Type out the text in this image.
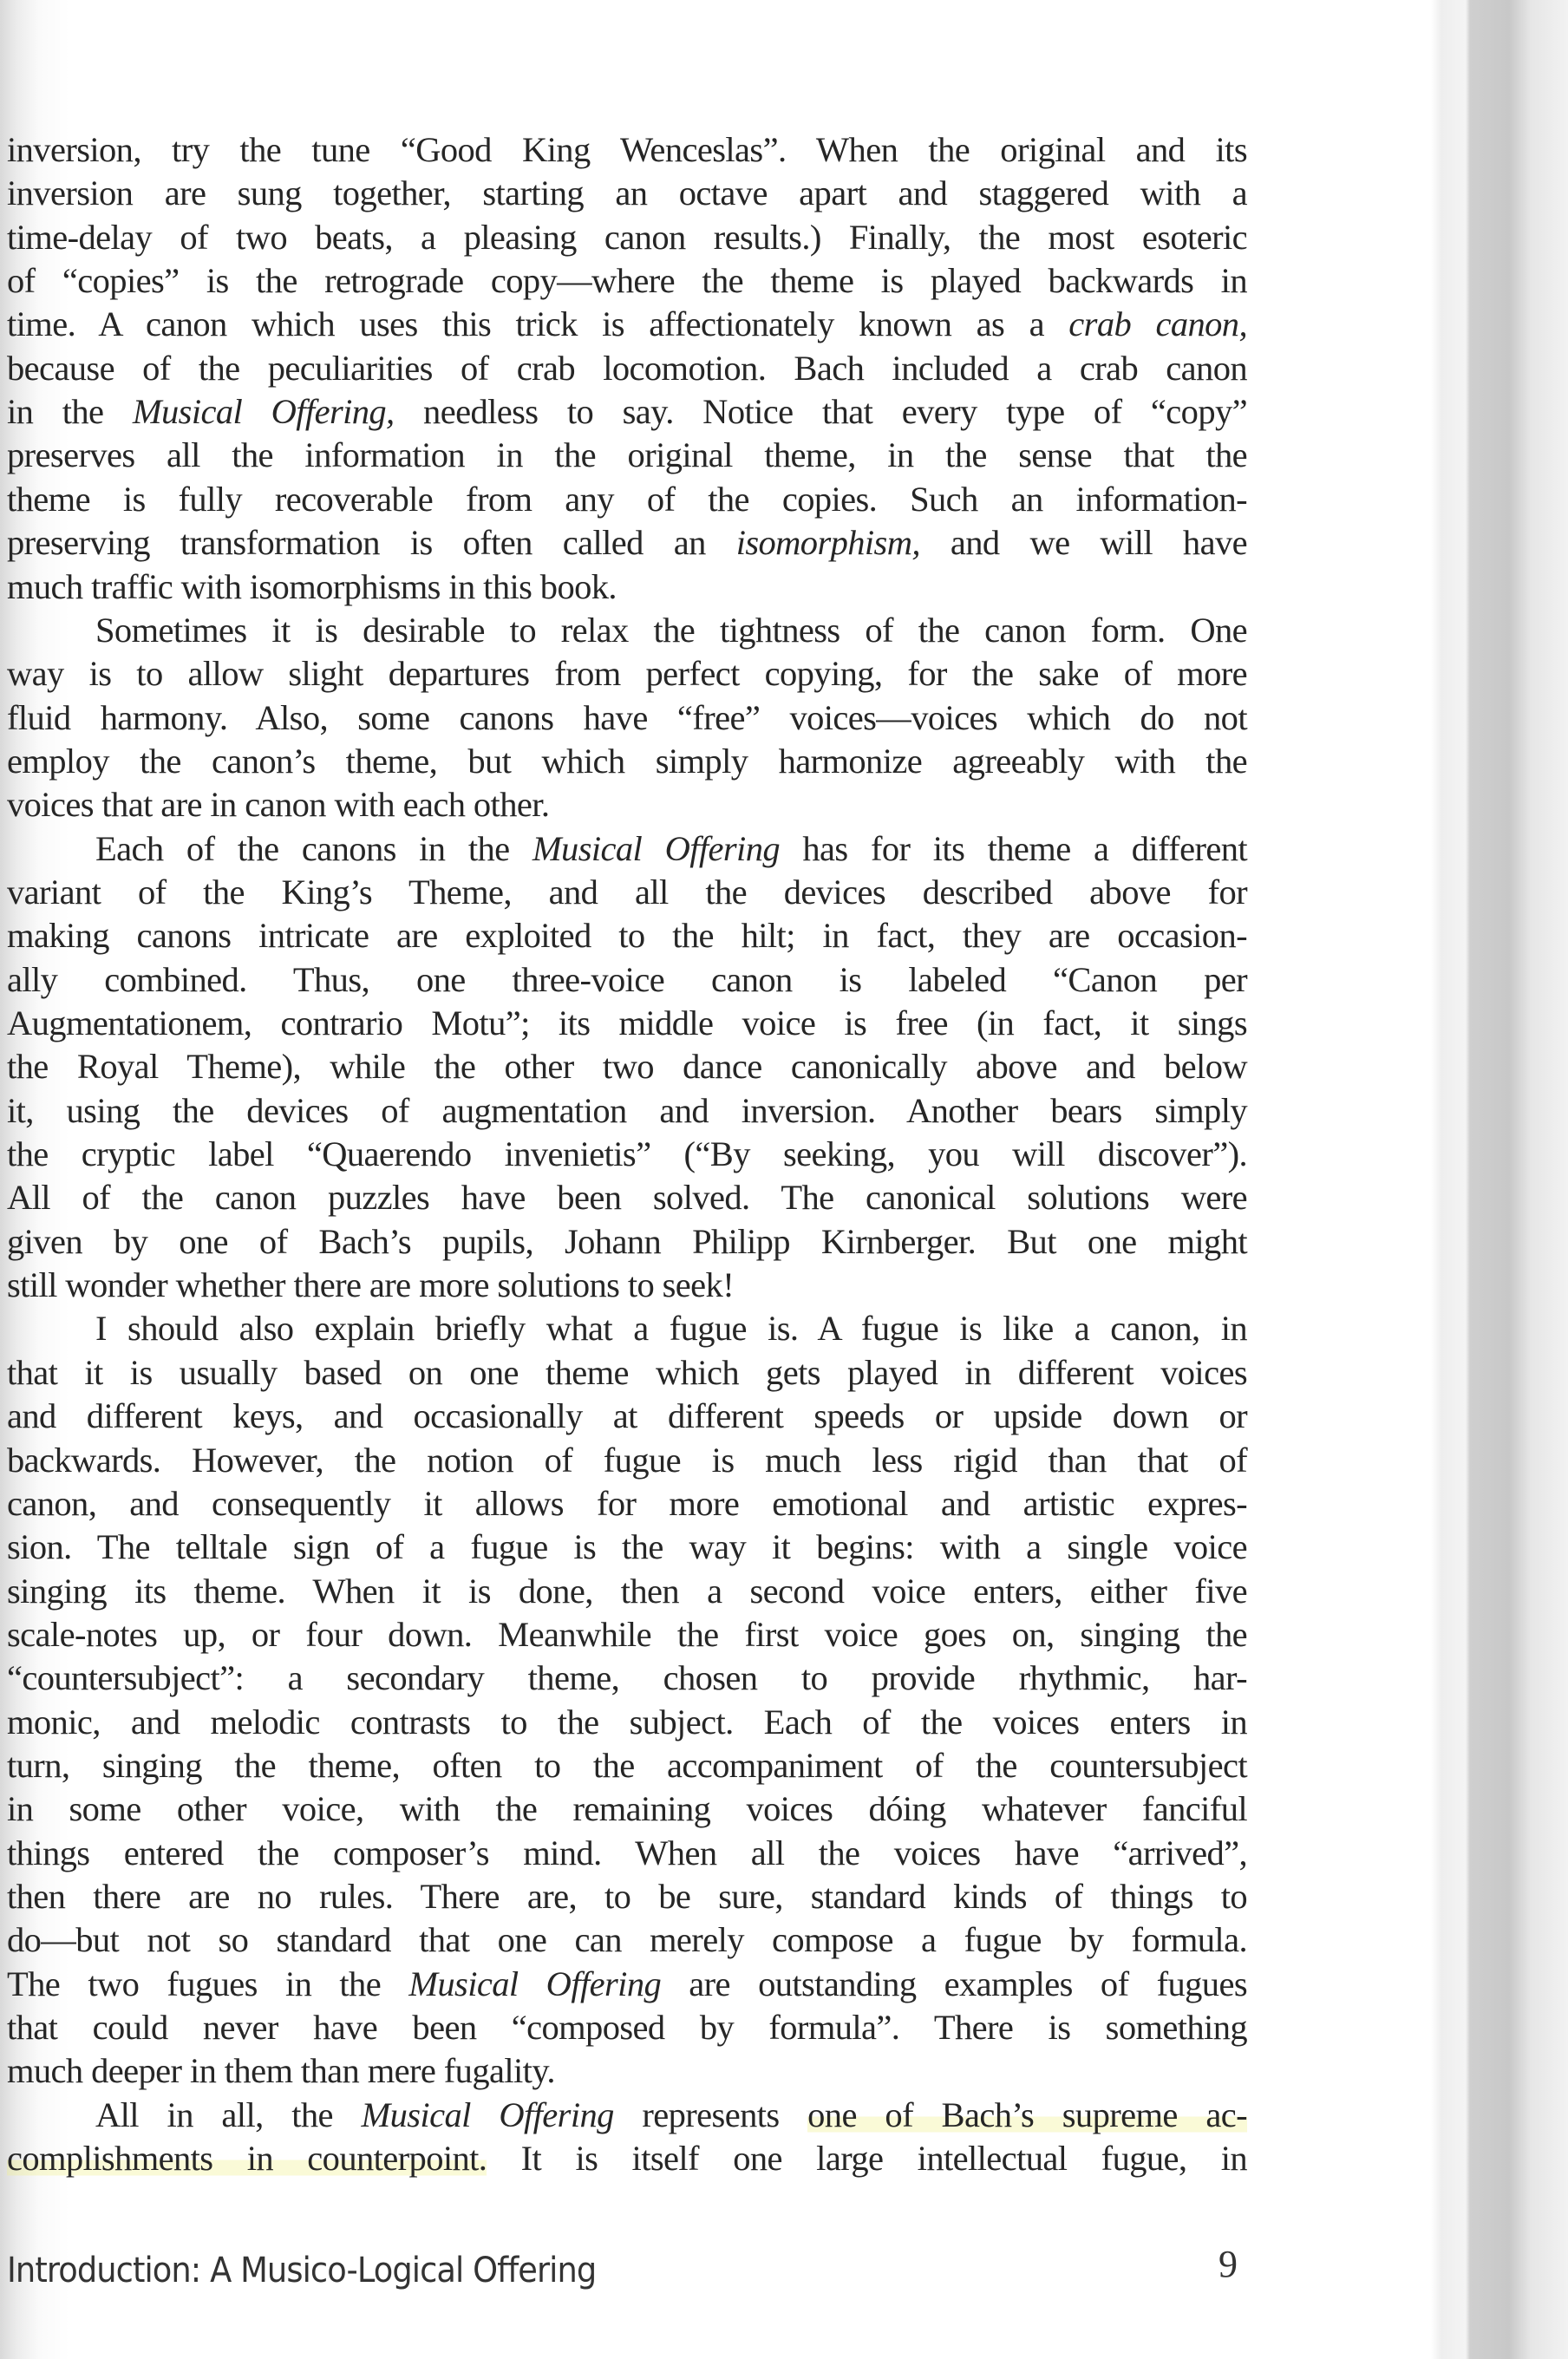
inversion, try the tune “Good King Wenceslas”. When the original and its
inversion are sung together, starting an octave apart and staggered with a
time-delay of two beats, a pleasing canon results.) Finally, the most esoteric
of “copies” is the retrograde copy—where the theme is played backwards in
time. A canon which uses this trick is affectionately known as a crab canon,
because of the peculiarities of crab locomotion. Bach included a crab canon
in the Musical Offering, needless to say. Notice that every type of “copy”
preserves all the information in the original theme, in the sense that the
theme is fully recoverable from any of the copies. Such an information-
preserving transformation is often called an isomorphism, and we will have
much traffic with isomorphisms in this book.
Sometimes it is desirable to relax the tightness of the canon form. One
way is to allow slight departures from perfect copying, for the sake of more
fluid harmony. Also, some canons have “free” voices—voices which do not
employ the canon’s theme, but which simply harmonize agreeably with the
voices that are in canon with each other.
Each of the canons in the Musical Offering has for its theme a different
variant of the King’s Theme, and all the devices described above for
making canons intricate are exploited to the hilt; in fact, they are occasion-
ally combined. Thus, one three-voice canon is labeled “Canon per
Augmentationem, contrario Motu”; its middle voice is free (in fact, it sings
the Royal Theme), while the other two dance canonically above and below
it, using the devices of augmentation and inversion. Another bears simply
the cryptic label “Quaerendo invenietis” (“By seeking, you will discover”).
All of the canon puzzles have been solved. The canonical solutions were
given by one of Bach’s pupils, Johann Philipp Kirnberger. But one might
still wonder whether there are more solutions to seek!
I should also explain briefly what a fugue is. A fugue is like a canon, in
that it is usually based on one theme which gets played in different voices
and different keys, and occasionally at different speeds or upside down or
backwards. However, the notion of fugue is much less rigid than that of
canon, and consequently it allows for more emotional and artistic expres-
sion. The telltale sign of a fugue is the way it begins: with a single voice
singing its theme. When it is done, then a second voice enters, either five
scale-notes up, or four down. Meanwhile the first voice goes on, singing the
“countersubject”: a secondary theme, chosen to provide rhythmic, har-
monic, and melodic contrasts to the subject. Each of the voices enters in
turn, singing the theme, often to the accompaniment of the countersubject
in some other voice, with the remaining voices dóing whatever fanciful
things entered the composer’s mind. When all the voices have “arrived”,
then there are no rules. There are, to be sure, standard kinds of things to
do—but not so standard that one can merely compose a fugue by formula.
The two fugues in the Musical Offering are outstanding examples of fugues
that could never have been “composed by formula”. There is something
much deeper in them than mere fugality.
All in all, the Musical Offering represents one of Bach’s supreme ac-
complishments in counterpoint. It is itself one large intellectual fugue, in
Introduction: A Musico-Logical Offering	9
